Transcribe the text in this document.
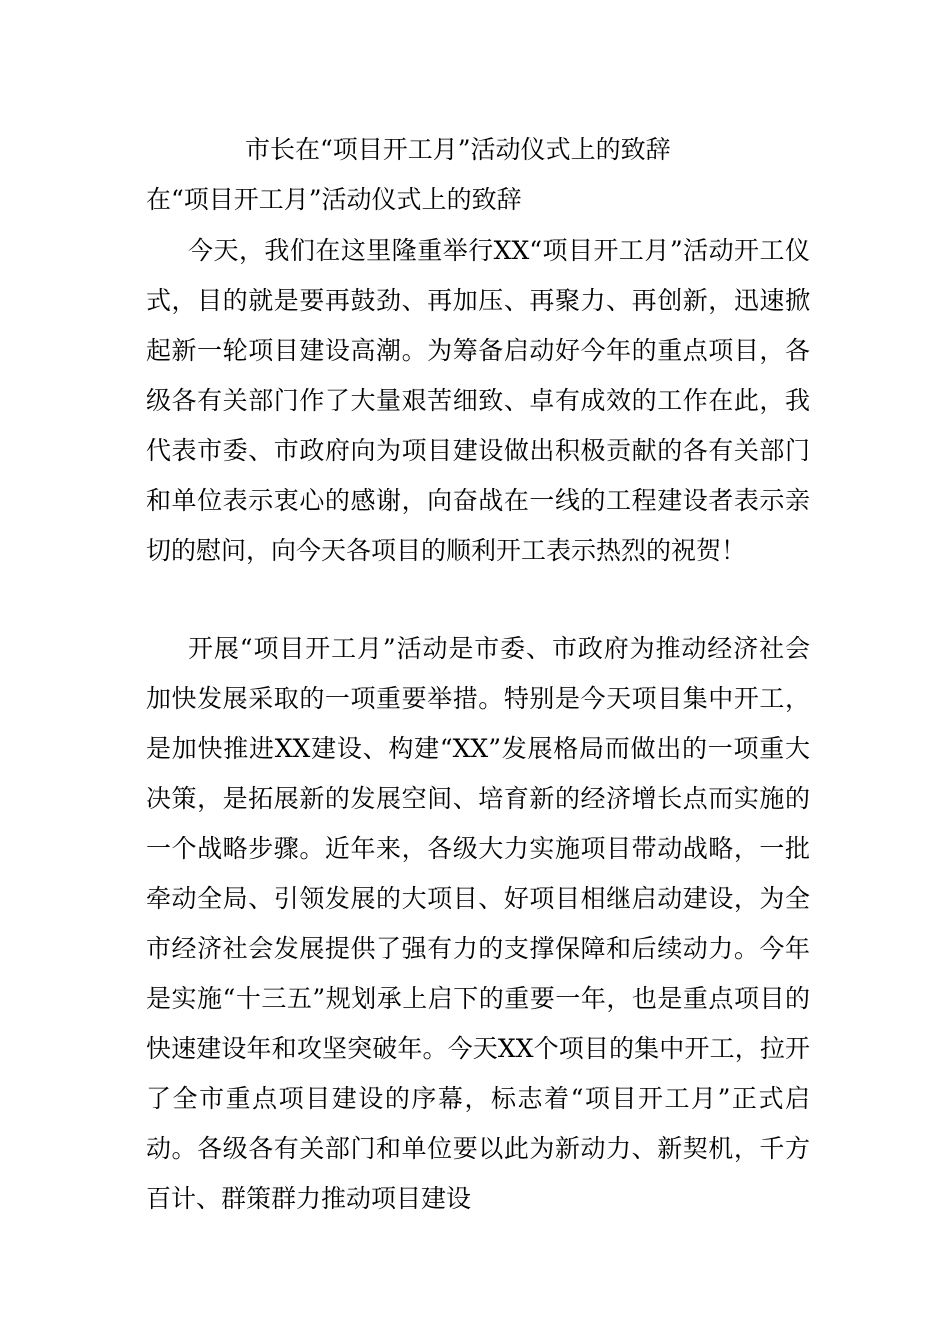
市长在“项目开工月”活动仪式上的致辞
在“项目开工月”活动仪式上的致辞

今天，我们在这里隆重举行XX“项目开工月”活动开工仪式，目的就是要再鼓劲、再加压、再聚力、再创新，迅速掀起新一轮项目建设高潮。为筹备启动好今年的重点项目，各级各有关部门作了大量艰苦细致、卓有成效的工作在此，我代表市委、市政府向为项目建设做出积极贡献的各有关部门和单位表示衷心的感谢，向奋战在一线的工程建设者表示亲切的慰问，向今天各项目的顺利开工表示热烈的祝贺！

开展“项目开工月”活动是市委、市政府为推动经济社会加快发展采取的一项重要举措。特别是今天项目集中开工，是加快推进XX建设、构建“XX”发展格局而做出的一项重大决策，是拓展新的发展空间、培育新的经济增长点而实施的一个战略步骤。近年来，各级大力实施项目带动战略，一批牵动全局、引领发展的大项目、好项目相继启动建设，为全市经济社会发展提供了强有力的支撑保障和后续动力。今年是实施“十三五”规划承上启下的重要一年，也是重点项目的快速建设年和攻坚突破年。今天XX个项目的集中开工，拉开了全市重点项目建设的序幕，标志着“项目开工月”正式启动。各级各有关部门和单位要以此为新动力、新契机，千方百计、群策群力推动项目建设
